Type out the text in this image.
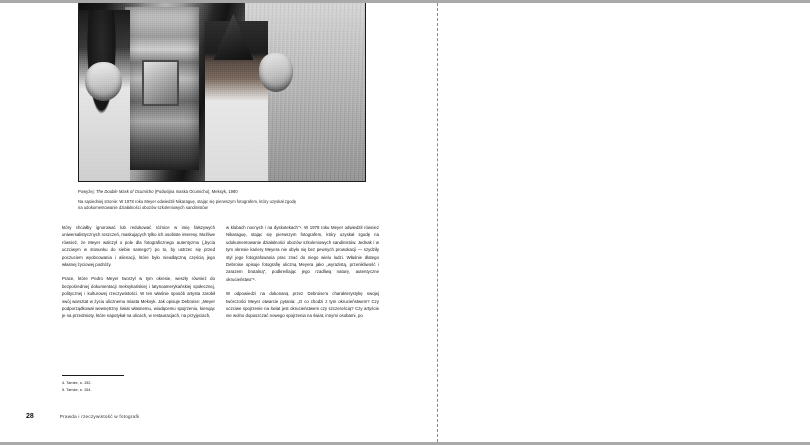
Powyżej: The Double Mask of Ocumicho (Podwójna maska Ocumicho), Meksyk, 1980
Na sąsiedniej stronie: W 1978 roku Meyer odwiedził Nikaraguę, stając się pierwszym fotografem, który uzyskał zgodę
na udokumentowanie działalności obozów szkoleniowych sandinistów

który chciałby ignorować lub redukować różnice w imię fałszywych uniwersalistycznych roszczeń, maskujących tylko ich osobiste interesy. Możliwe również, że Meyer walczył o pole dla fotograficznego autentyzmu („bycia uczciwym w stosunku do siebie samego") po to, by ustrzec się przed poczuciem wyobcowania i alienacji, które było nieodłączną częścią jego własnej życiowej podróży.

Prace, które Pedro Meyer tworzył w tym okresie, weszły również do bezpośredniej dokumentacji meksykańskiej i latynoamerykańskiej społecznej, politycznej i kulturowej rzeczywistości. W ten właśnie sposób artysta zarobił swój warsztat w życiu ulicznemu miasta Meksyk. Jak opisuje Debroise: „Meyer podporządkował wewnętrzny świat własnemu, wiodącemu spojrzeniu, kierując je na przedmioty, które napotykał na ulicach, w restauracjach, na przyjęciach,

w klubach nocnych i na dyskotekach"⁴. W 1978 roku Meyer odwiedził również Nikaraguę, stając się pierwszym fotografem, który uzyskał zgodę na udokumentowanie działalności obozów szkoleniowych sandinistów. Jednak i w tym okresie kariery Meyera nie obyło się bez pewnych prowokacji — szydziły styl jego fotografowania prac znać do niego wielu ludzi. Właśnie dlatego Debroise opisuje fotografię uliczną Meyera jako „wyrazistą, przenikliwość i zarazem brutalną", podkreślając jego rzadliwą naturę, autentyczne okrucieństwo"⁵.

W odpowiedzi na dokonaną przez Debroise'a charakterystykę swojej twórczości Meyer otwarcie pytania: „O co chodzi z tym okrucieństwem? Czy uczciwe spojrzenie na świat jest okrucieństwem czy szczerością? Czy artyście nie wolno dopuszczać nowego spojrzenia na świat, innymi osobami, po

4. Tamże, s. 152.
5. Tamże, s. 154.
28	Prawda i rzeczywistość w fotografii
